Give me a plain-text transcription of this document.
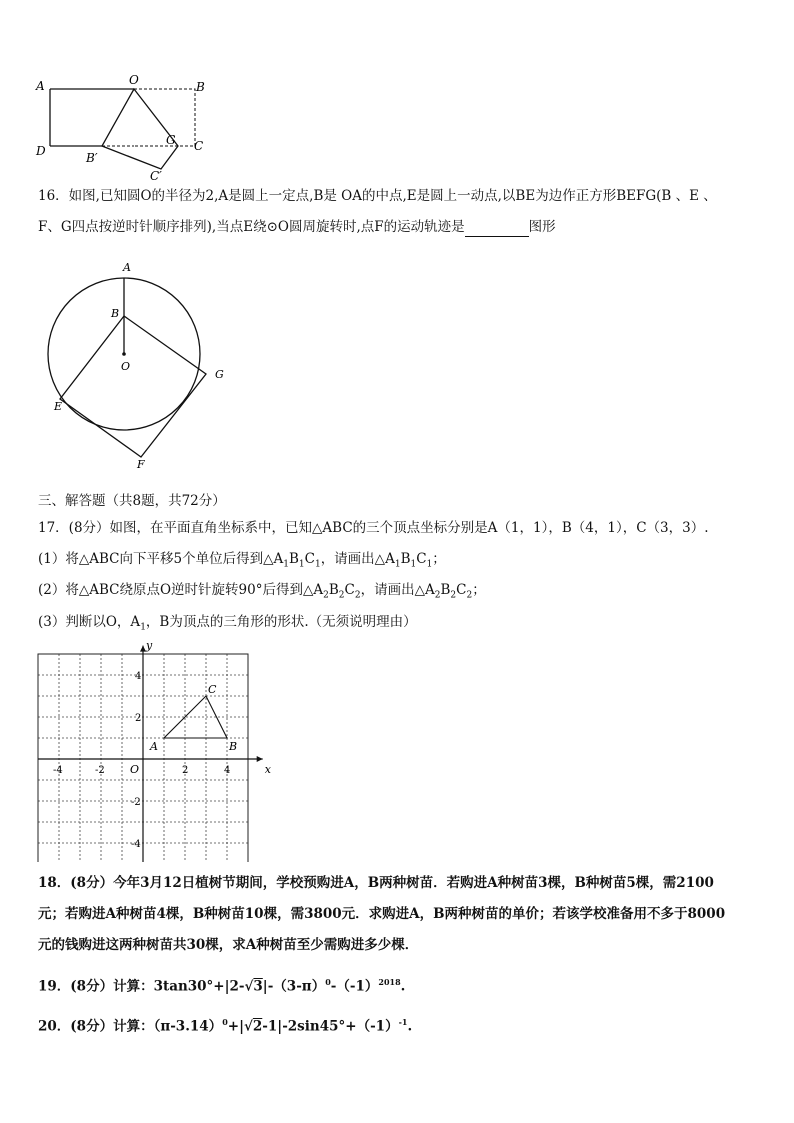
A	O	B
D	B′
G C
C′
16．如图,已知圆O的半径为2,A是圆上一定点,B是 OA的中点,E是圆上一动点,以BE为边作正方形BEFG(B 、E 、
F、G四点按逆时针顺序排列),当点E绕⊙O圆周旋转时,点F的运动轨迹是	图形
A
B
O
G
E
F
三、解答题（共8题，共72分）
17．(8分）如图，在平面直角坐标系中，已知△ABC的三个顶点坐标分别是A（1，1），B（4，1），C（3，3）.
(1）将△ABC向下平移5个单位后得到$\triangle A_1B_1C_1$，请画出$\triangle A_1B_1C_1$；
(2）将△ABC绕原点O逆时针旋转90°后得到$\triangle A_2B_2C_2$，请画出$\triangle A_2B_2C_2$；
(3）判断以O，$A_1$，B为顶点的三角形的形状.（无须说明理由）
x
y
O
-4	-2	2	4
4
2
-2
-4
A	B
C
18．(8分）今年3月12日植树节期间，学校预购进A，B两种树苗．若购进A种树苗3棵，B种树苗5棵，需2100
元；若购进A种树苗4棵，B种树苗10棵，需3800元．求购进A，B两种树苗的单价；若该学校准备用不多于8000
元的钱购进这两种树苗共30棵，求A种树苗至少需购进多少棵．
19．(8分）计算：$3\tan 30^\circ+|2-√3|-(3-\pi)^0-(-1)^{2018}$.
20．(8分）计算：$(\pi-3.14)^0+|√2-1|-2\sin 45^\circ+(-1)^{-1}$.
